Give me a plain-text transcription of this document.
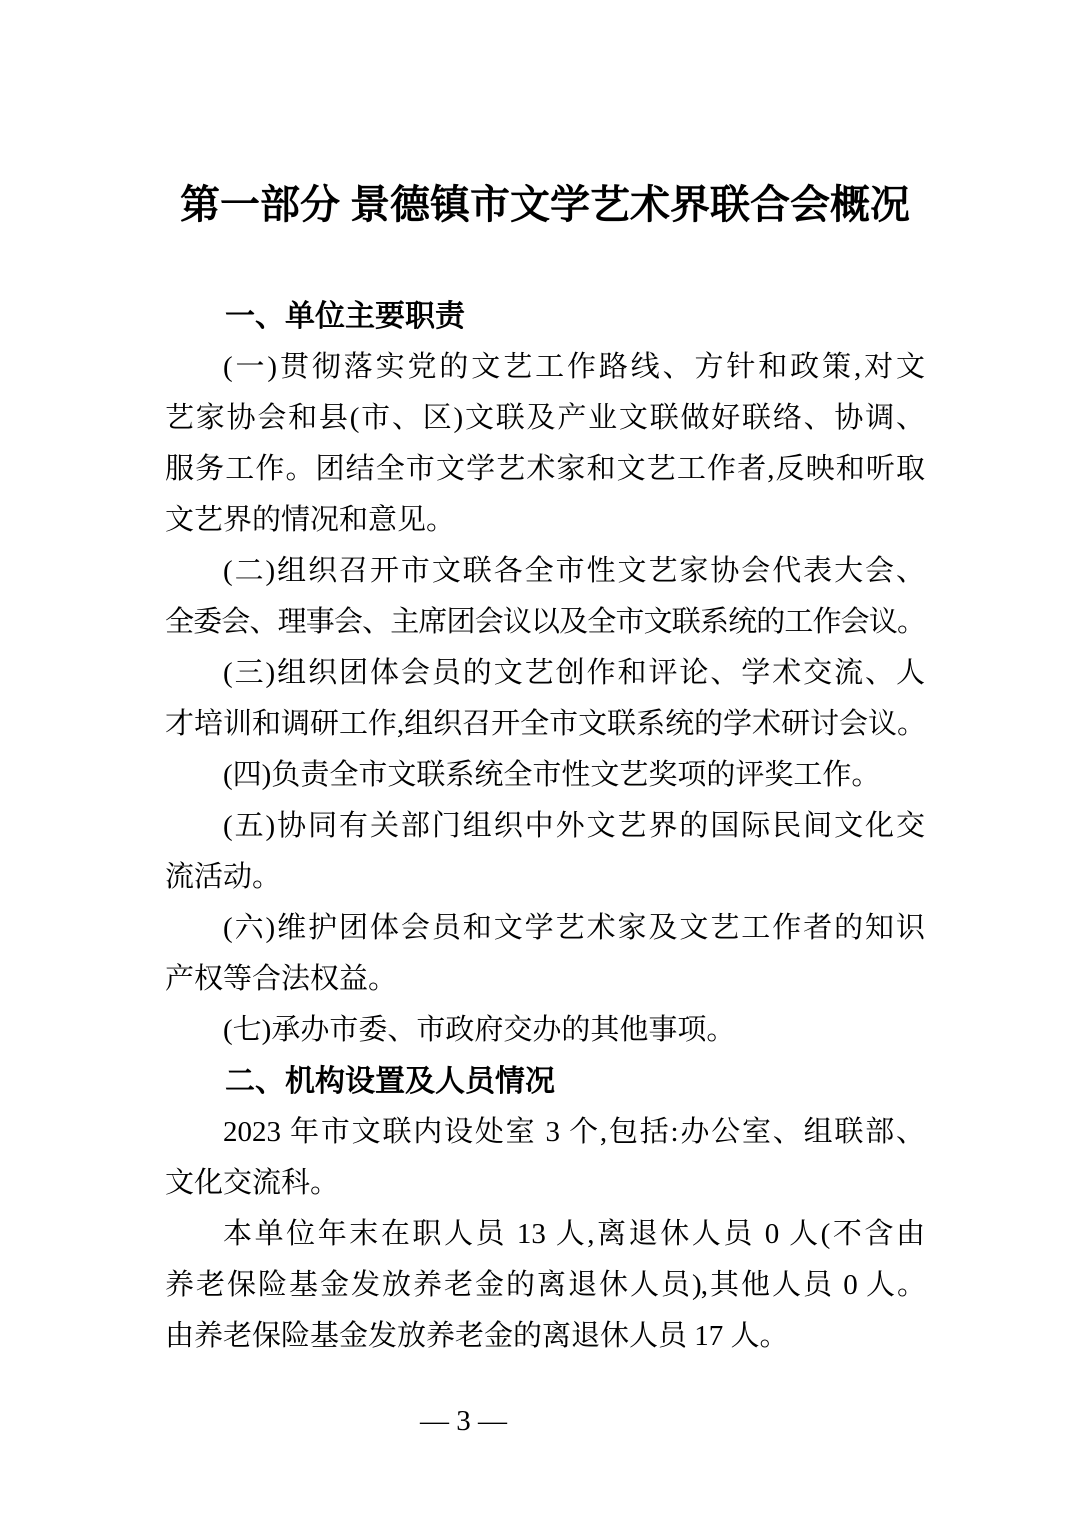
第一部分 景德镇市文学艺术界联合会概况
一、单位主要职责
(一)贯彻落实党的文艺工作路线、方针和政策,对文
艺家协会和县(市、区)文联及产业文联做好联络、协调、
服务工作。团结全市文学艺术家和文艺工作者,反映和听取
文艺界的情况和意见。
(二)组织召开市文联各全市性文艺家协会代表大会、
全委会、理事会、主席团会议以及全市文联系统的工作会议。
(三)组织团体会员的文艺创作和评论、学术交流、人
才培训和调研工作,组织召开全市文联系统的学术研讨会议。
(四)负责全市文联系统全市性文艺奖项的评奖工作。
(五)协同有关部门组织中外文艺界的国际民间文化交
流活动。
(六)维护团体会员和文学艺术家及文艺工作者的知识
产权等合法权益。
(七)承办市委、市政府交办的其他事项。
二、机构设置及人员情况
2023 年市文联内设处室 3 个,包括:办公室、组联部、
文化交流科。
本单位年末在职人员 13 人,离退休人员 0 人(不含由
养老保险基金发放养老金的离退休人员),其他人员 0 人。
由养老保险基金发放养老金的离退休人员 17 人。
— 3 —
